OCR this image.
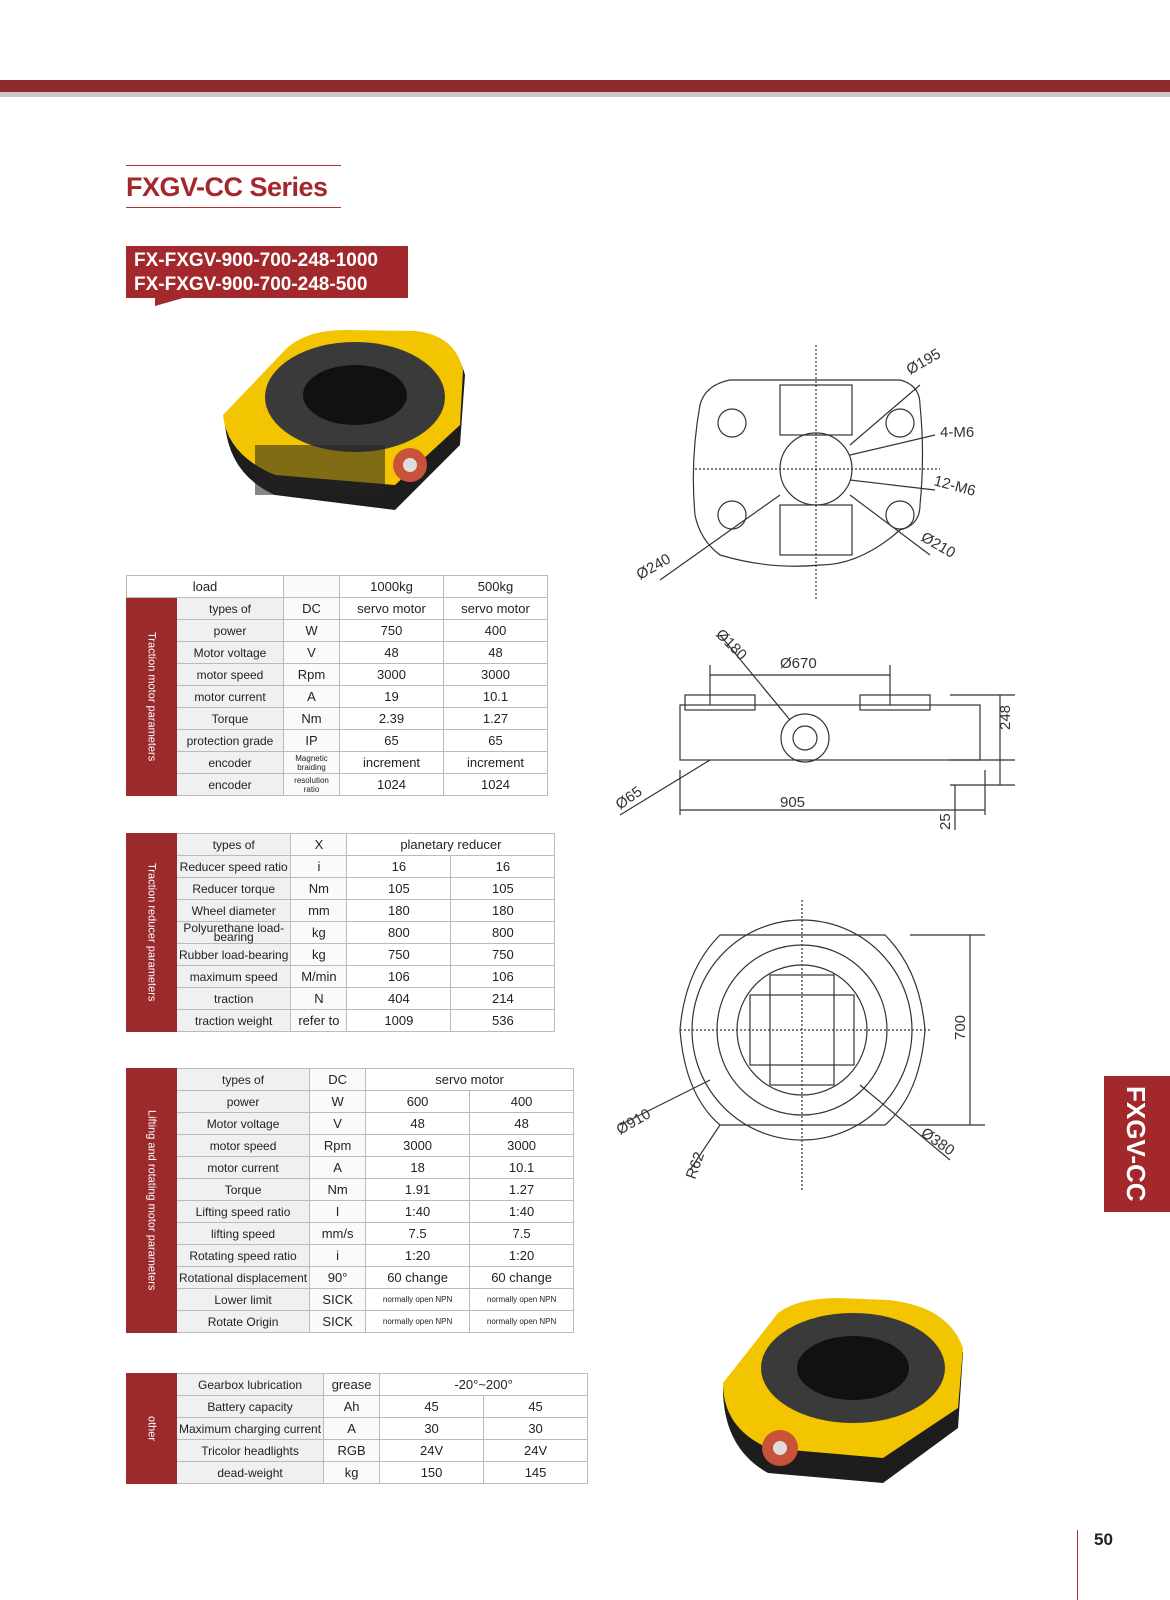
FXGV-CC Series
FX-FXGV-900-700-248-1000
FX-FXGV-900-700-248-500
load			1000kg	500kg

Traction motor parameters	types of	DC	servo motor	servo motor
	power	W	750	400
	Motor voltage	V	48	48
	motor speed	Rpm	3000	3000
	motor current	A	19	10.1
	Torque	Nm	2.39	1.27
	protection grade	IP	65	65
	encoder	Magnetic braiding	increment	increment
	encoder	resolution ratio	1024	1024
Traction reducer parameters	types of	X	planetary reducer	
	Reducer speed ratio	i	16	16
	Reducer torque	Nm	105	105
	Wheel diameter	mm	180	180
	Polyurethane load-bearing	kg	800	800
	Rubber load-bearing	kg	750	750
	maximum speed	M/min	106	106
	traction	N	404	214
	traction weight	refer to	1009	536
Lifting and rotating motor parameters	types of	DC	servo motor	
	power	W	600	400
	Motor voltage	V	48	48
	motor speed	Rpm	3000	3000
	motor current	A	18	10.1
	Torque	Nm	1.91	1.27
	Lifting speed ratio	I	1:40	1:40
	lifting speed	mm/s	7.5	7.5
	Rotating speed ratio	i	1:20	1:20
	Rotational displacement	90°	60 change	60 change
	Lower limit	SICK	normally open NPN	normally open NPN
	Rotate Origin	SICK	normally open NPN	normally open NPN
other	Gearbox lubrication	grease	-20°~200°	
	Battery capacity	Ah	45	45
	Maximum charging current	A	30	30
	Tricolor headlights	RGB	24V	24V
	dead-weight	kg	150	145
Ø195
4-M6
12-M6
Ø240
Ø210
Ø180 Ø670
248
Ø65	905
25
700
Ø910
R62
Ø380	FXGV-CC
50
